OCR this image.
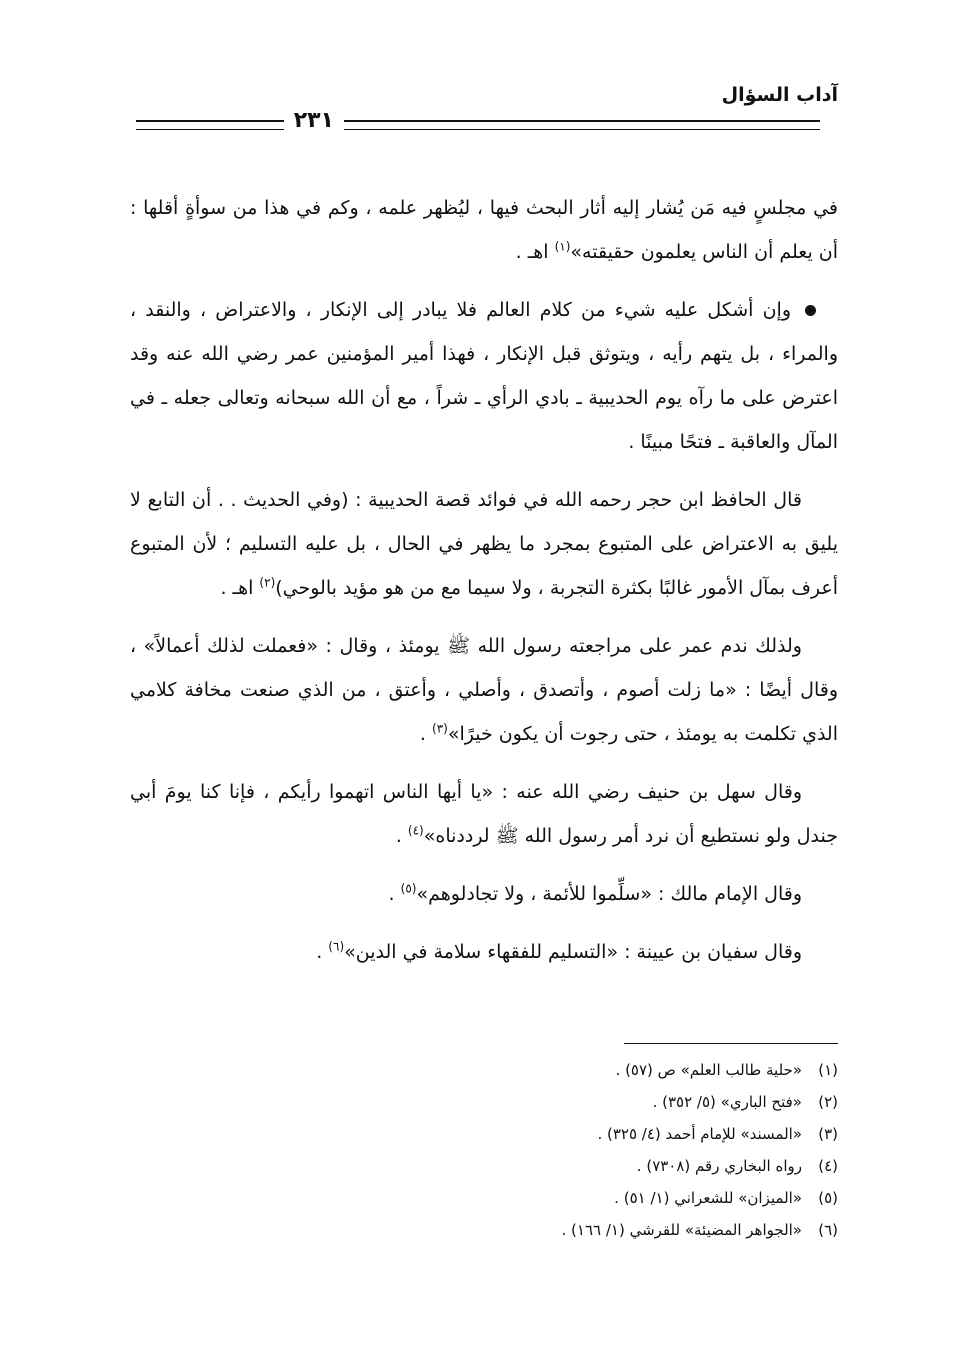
آداب السؤال
٢٣١

في مجلسٍ فيه مَن يُشار إليه أثار البحث فيها ، ليُظهر علمه ، وكم في هذا من سوأةٍ أقلها : أن يعلم أن الناس يعلمون حقيقته»$^{(١)}$ اهـ .

وإن أشكل عليه شيء من كلام العالم فلا يبادر إلى الإنكار ، والاعتراض ، والنقد ، والمراء ، بل يتهم رأيه ، ويتوثق قبل الإنكار ، فهذا أمير المؤمنين عمر رضي الله عنه وقد اعترض على ما رآه يوم الحديبية ـ بادي الرأي ـ شراً ، مع أن الله سبحانه وتعالى جعله ـ في المآل والعاقبة ـ فتحًا مبينًا .

قال الحافظ ابن حجر رحمه الله في فوائد قصة الحديبية : (وفي الحديث . . أن التابع لا يليق به الاعتراض على المتبوع بمجرد ما يظهر في الحال ، بل عليه التسليم ؛ لأن المتبوع أعرف بمآل الأمور غالبًا بكثرة التجربة ، ولا سيما مع من هو مؤيد بالوحي)$^{(٢)}$ اهـ .

ولذلك ندم عمر على مراجعته رسول الله ﷺ يومئذ ، وقال : «فعملت لذلك أعمالاً» ، وقال أيضًا : «ما زلت أصوم ، وأتصدق ، وأصلي ، وأعتق ، من الذي صنعت مخافة كلامي الذي تكلمت به يومئذ ، حتى رجوت أن يكون خيرًا»$^{(٣)}$ .

وقال سهل بن حنيف رضي الله عنه : «يا أيها الناس اتهموا رأيكم ، فإنا كنا يومَ أبي جندل ولو نستطيع أن نرد أمر رسول الله ﷺ لرددناه»$^{(٤)}$ .

وقال الإمام مالك : «سلِّموا للأئمة ، ولا تجادلوهم»$^{(٥)}$ .

وقال سفيان بن عيينة : «التسليم للفقهاء سلامة في الدين»$^{(٦)}$ .

(١)«حلية طالب العلم» ص (٥٧) .
(٢)«فتح الباري» (٥/ ٣٥٢) .
(٣)«المسند» للإمام أحمد (٤/ ٣٢٥) .
(٤)رواه البخاري رقم (٧٣٠٨) .
(٥)«الميزان» للشعراني (١/ ٥١) .
(٦)«الجواهر المضيئة» للقرشي (١/ ١٦٦) .
